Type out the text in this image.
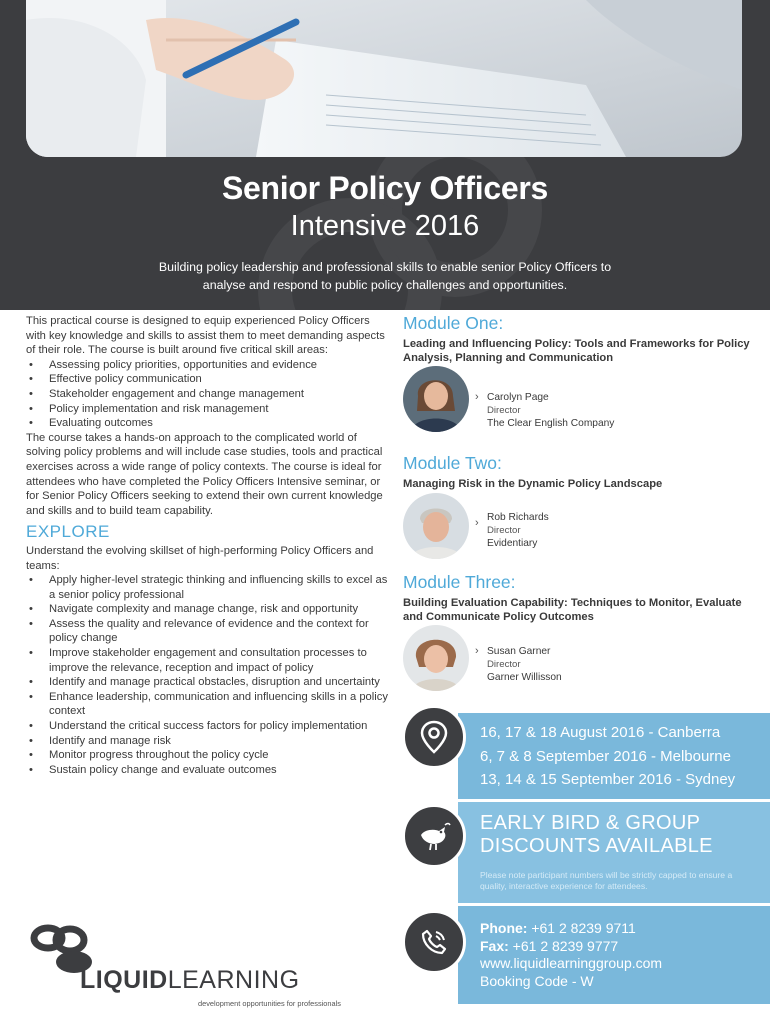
Senior Policy Officers
Intensive 2016
Building policy leadership and professional skills to enable senior Policy Officers to
analyse and respond to public policy challenges and opportunities.

This practical course is designed to equip experienced Policy Officers with key knowledge and skills to assist them to meet demanding aspects of their role. The course is built around five critical skill areas:

• Assessing policy priorities, opportunities and evidence
• Effective policy communication
• Stakeholder engagement and change management
• Policy implementation and risk management
• Evaluating outcomes

The course takes a hands-on approach to the complicated world of solving policy problems and will include case studies, tools and practical exercises across a wide range of policy contexts. The course is ideal for attendees who have completed the Policy Officers Intensive seminar, or for Senior Policy Officers seeking to extend their own current knowledge and skills and to build team capability.

EXPLORE

Understand the evolving skillset of high-performing Policy Officers and teams:

• Apply higher-level strategic thinking and influencing skills to excel as a senior policy professional
• Navigate complexity and manage change, risk and opportunity
• Assess the quality and relevance of evidence and the context for policy change
• Improve stakeholder engagement and consultation processes to improve the relevance, reception and impact of policy
• Identify and manage practical obstacles, disruption and uncertainty
• Enhance leadership, communication and influencing skills in a policy context
• Understand the critical success factors for policy implementation
• Identify and manage risk
• Monitor progress throughout the policy cycle
• Sustain policy change and evaluate outcomes
Module One:
Leading and Influencing Policy: Tools and Frameworks for Policy Analysis, Planning and Communication
› Carolyn Page
Director
The Clear English Company
Module Two:
Managing Risk in the Dynamic Policy Landscape
› Rob Richards
Director
Evidentiary
Module Three:
Building Evaluation Capability: Techniques to Monitor, Evaluate and Communicate Policy Outcomes
› Susan Garner
Director
Garner Willisson
16, 17 & 18 August 2016 - Canberra
6, 7 & 8 September 2016 - Melbourne
13, 14 & 15 September 2016 - Sydney
EARLY BIRD & GROUP
DISCOUNTS AVAILABLE
Please note participant numbers will be strictly capped to ensure a quality, interactive experience for attendees.
Phone: +61 2 8239 9711
Fax: +61 2 8239 9777
www.liquidlearninggroup.com
Booking Code - W
LIQUIDLEARNING
development opportunities for professionals
